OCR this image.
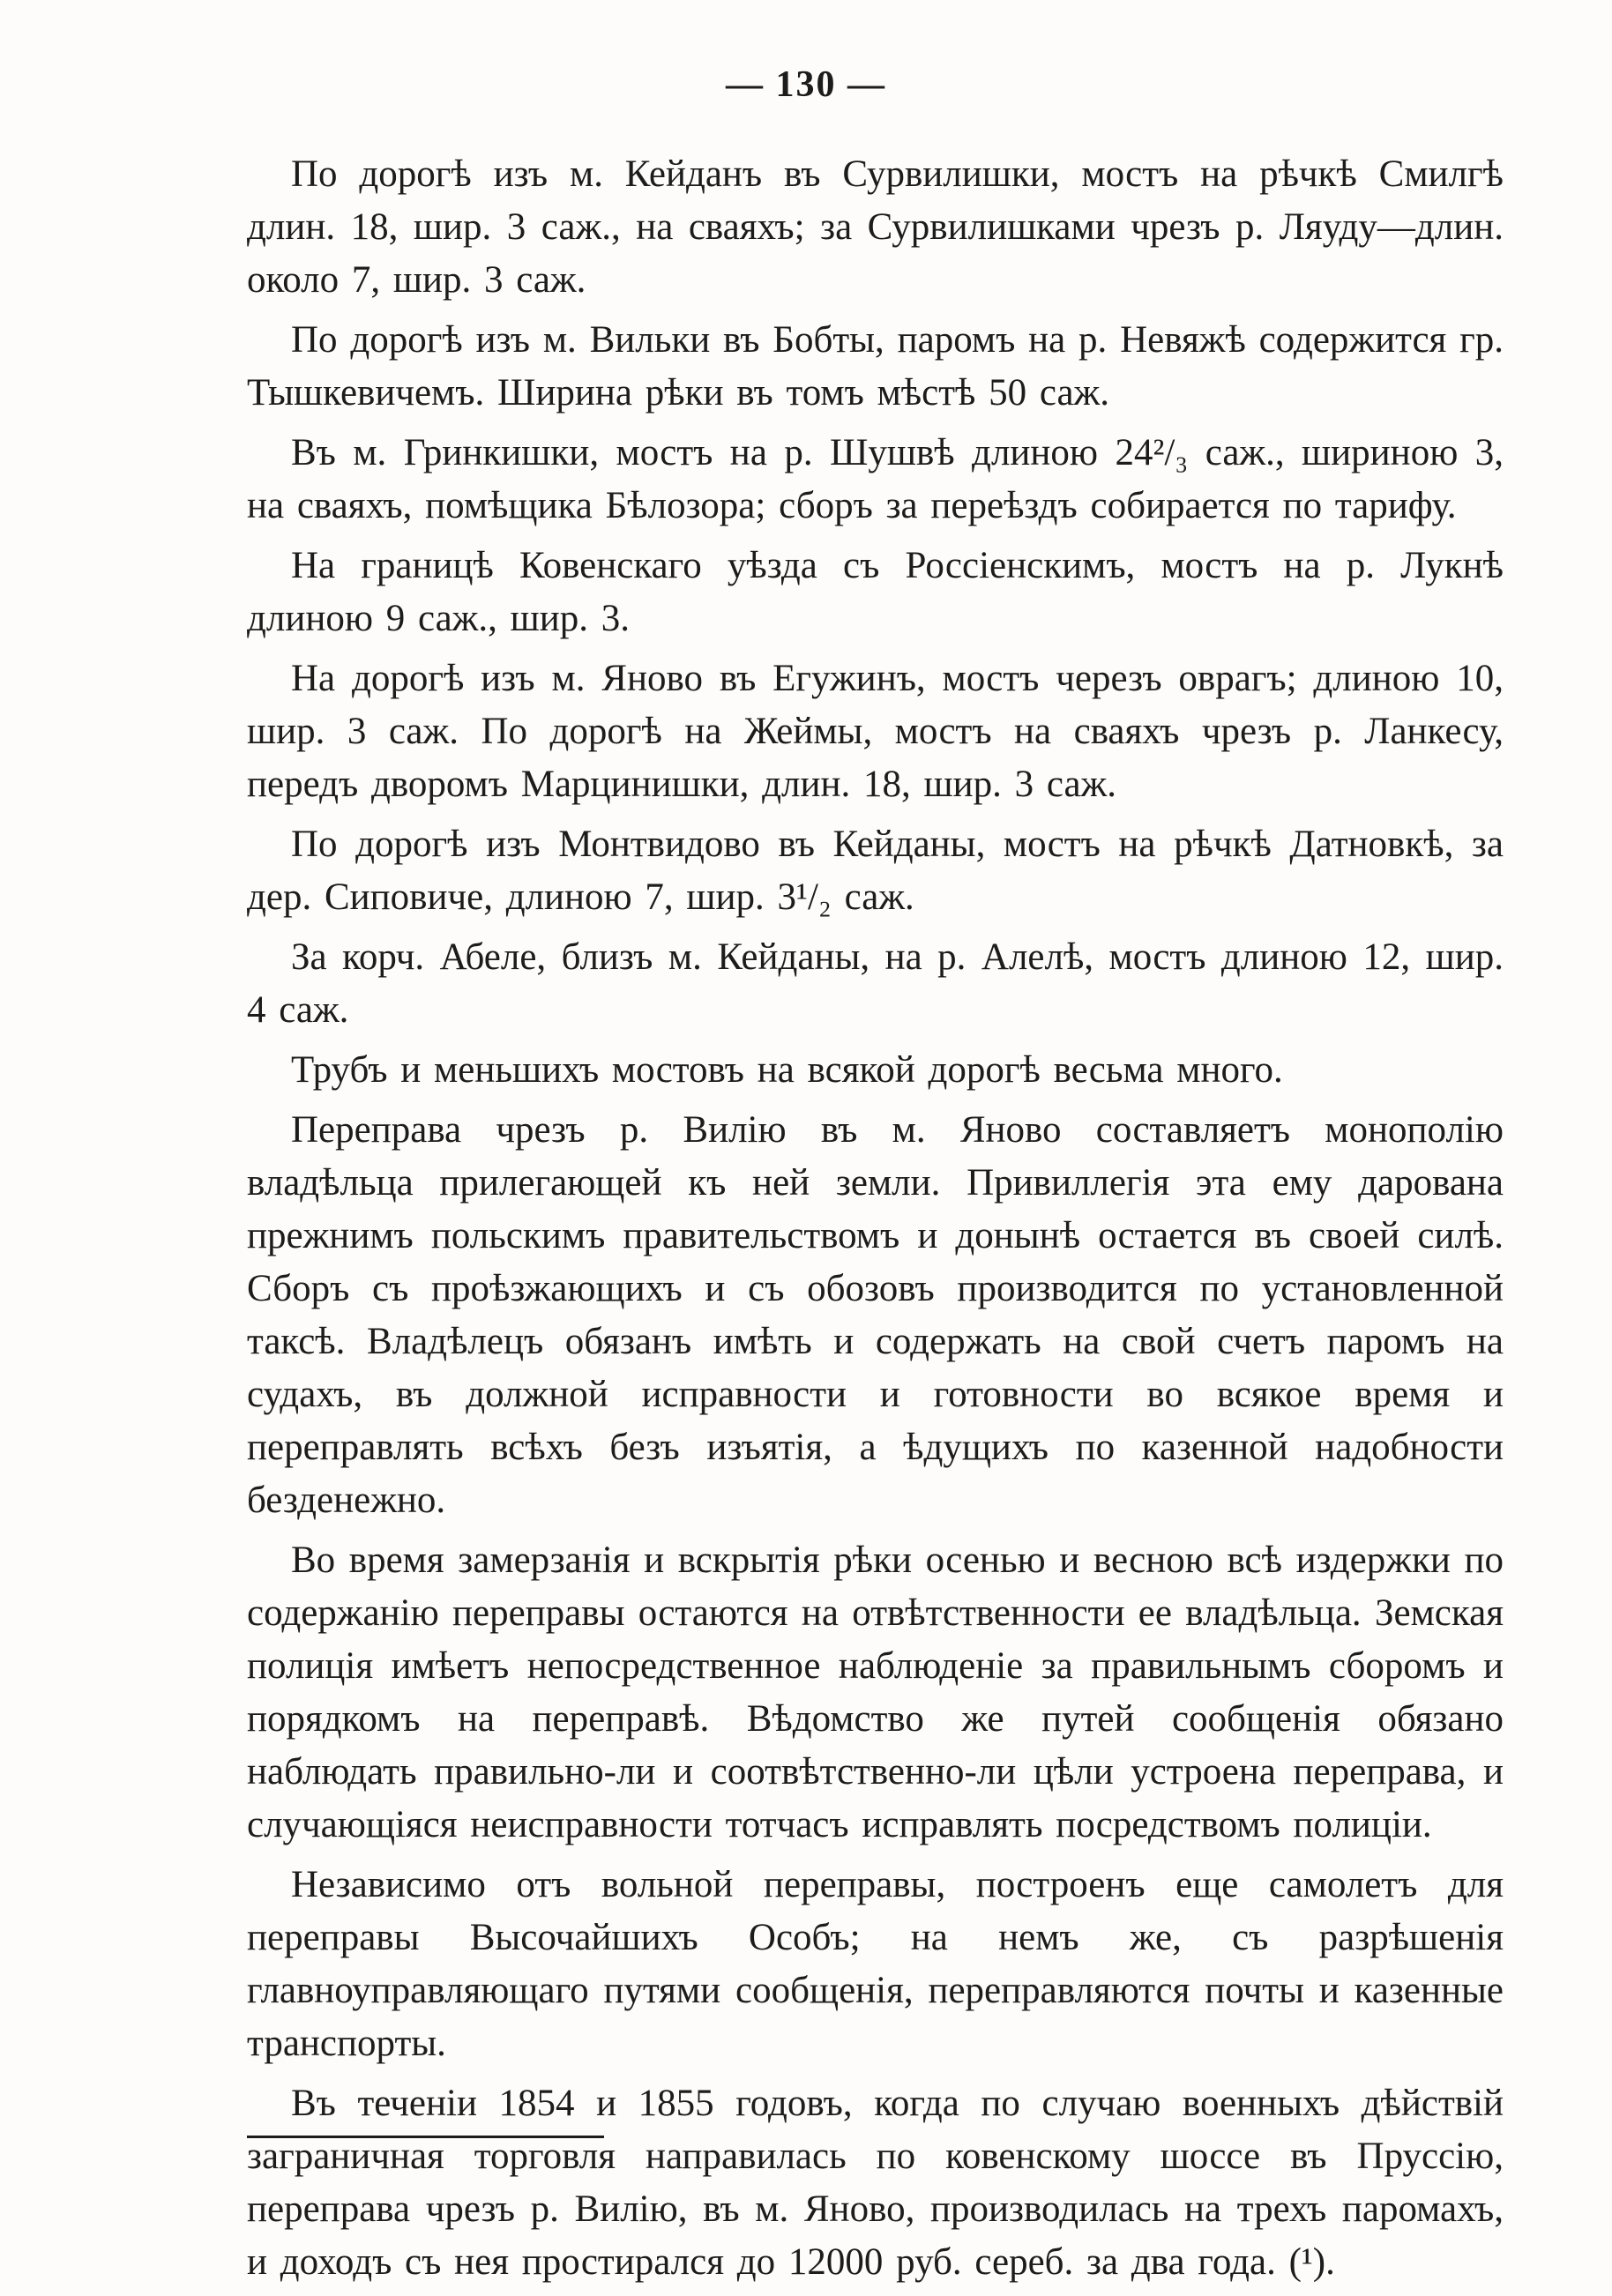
— 130 —

По дорогѣ изъ м. Кейданъ въ Сурвилишки, мостъ на рѣчкѣ Смилгѣ длин. 18, шир. 3 саж., на сваяхъ; за Сурвилишками чрезъ р. Ляуду—длин. около 7, шир. 3 саж.

По дорогѣ изъ м. Вильки въ Бобты, паромъ на р. Невяжѣ содержится гр. Тышкевичемъ. Ширина рѣки въ томъ мѣстѣ 50 саж.

Въ м. Гринкишки, мостъ на р. Шушвѣ длиною 24²/₃ саж., шириною 3, на сваяхъ, помѣщика Бѣлозора; сборъ за переѣздъ собирается по тарифу.

На границѣ Ковенскаго уѣзда съ Россіенскимъ, мостъ на р. Лукнѣ длиною 9 саж., шир. 3.

На дорогѣ изъ м. Яново въ Егужинъ, мостъ черезъ оврагъ; длиною 10, шир. 3 саж. По дорогѣ на Жеймы, мостъ на сваяхъ чрезъ р. Ланкесу, передъ дворомъ Марцинишки, длин. 18, шир. 3 саж.

По дорогѣ изъ Монтвидово въ Кейданы, мостъ на рѣчкѣ Датновкѣ, за дер. Сиповиче, длиною 7, шир. 3¹/₂ саж.

За корч. Абеле, близъ м. Кейданы, на р. Алелѣ, мостъ длиною 12, шир. 4 саж.

Трубъ и меньшихъ мостовъ на всякой дорогѣ весьма много.

Переправа чрезъ р. Вилію въ м. Яново составляетъ монополію владѣльца прилегающей къ ней земли. Привиллегія эта ему дарована прежнимъ польскимъ правительствомъ и донынѣ остается въ своей силѣ. Сборъ съ проѣзжающихъ и съ обозовъ производится по установленной таксѣ. Владѣлецъ обязанъ имѣть и содержать на свой счетъ паромъ на судахъ, въ должной исправности и готовности во всякое время и переправлять всѣхъ безъ изъятія, а ѣдущихъ по казенной надобности безденежно.

Во время замерзанія и вскрытія рѣки осенью и весною всѣ издержки по содержанію переправы остаются на отвѣтственности ее владѣльца. Земская полиція имѣетъ непосредственное наблюденіе за правильнымъ сборомъ и порядкомъ на переправѣ. Вѣдомство же путей сообщенія обязано наблюдать правильно-ли и соотвѣтственно-ли цѣли устроена переправа, и случающіяся неисправности тотчасъ исправлять посредствомъ полиціи.

Независимо отъ вольной переправы, построенъ еще самолетъ для переправы Высочайшихъ Особъ; на немъ же, съ разрѣшенія главноуправляющаго путями сообщенія, переправляются почты и казенные транспорты.

Въ теченіи 1854 и 1855 годовъ, когда по случаю военныхъ дѣйствій заграничная торговля направилась по ковенскому шоссе въ Пруссію, переправа чрезъ р. Вилію, въ м. Яново, производилась на трехъ паромахъ, и доходъ съ нея простирался до 12000 руб. сереб. за два года. (¹).
